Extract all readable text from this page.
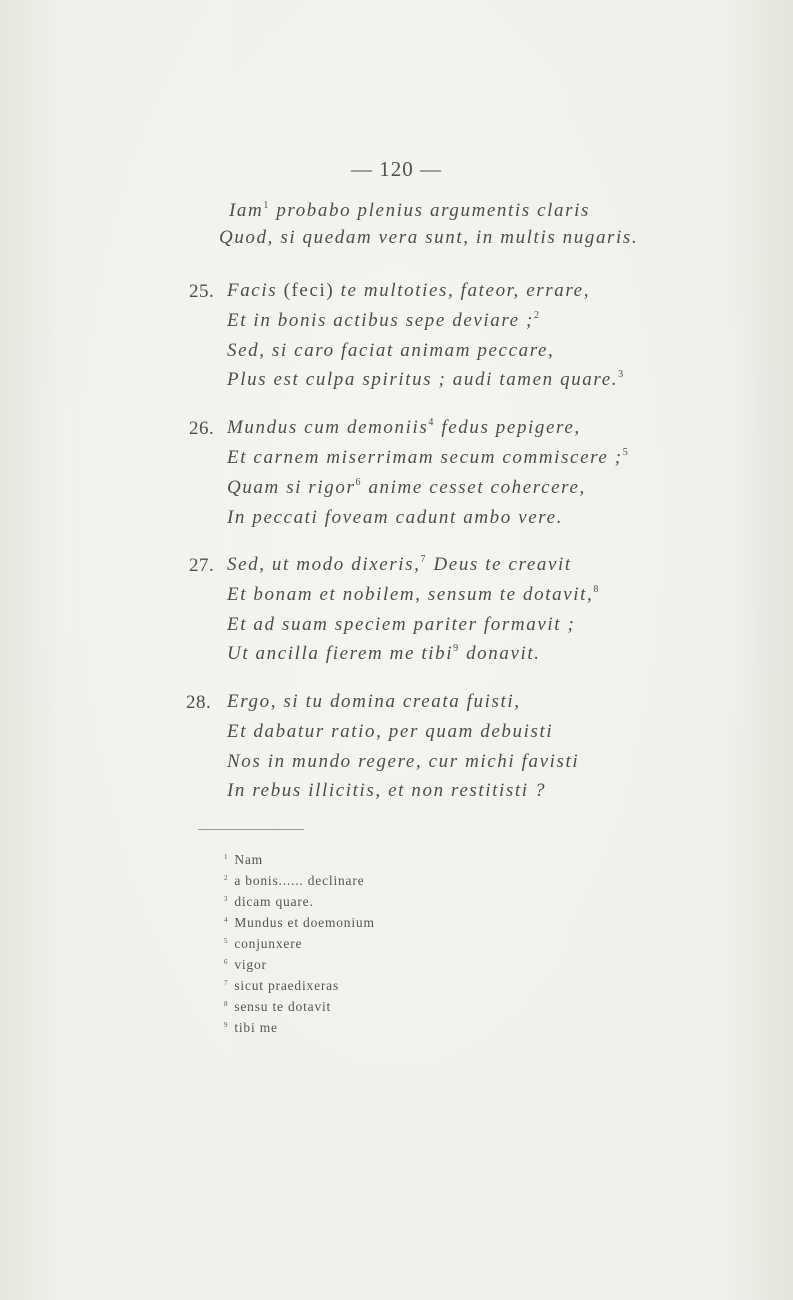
— 120 —
Iam$^1$ probabo plenius argumentis claris
Quod, si quedam vera sunt, in multis nugaris.
25. Facis (feci) te multoties, fateor, errare,
Et in bonis actibus sepe deviare ;$^2$
Sed, si caro faciat animam peccare,
Plus est culpa spiritus ; audi tamen quare.$^3$
26. Mundus cum demoniis$^4$ fedus pepigere,
Et carnem miserrimam secum commiscere ;$^5$
Quam si rigor$^6$ anime cesset cohercere,
In peccati foveam cadunt ambo vere.
27. Sed, ut modo dixeris,$^7$ Deus te creavit
Et bonam et nobilem, sensum te dotavit,$^8$
Et ad suam speciem pariter formavit ;
Ut ancilla fierem me tibi$^9$ donavit.
28. Ergo, si tu domina creata fuisti,
Et dabatur ratio, per quam debuisti
Nos in mundo regere, cur michi favisti
In rebus illicitis, et non restitisti ?
$^1$ Nam
$^2$ a bonis...... declinare
$^3$ dicam quare.
$^4$ Mundus et doemonium
$^5$ conjunxere
$^6$ vigor
$^7$ sicut praedixeras
$^8$ sensu te dotavit
$^9$ tibi me
